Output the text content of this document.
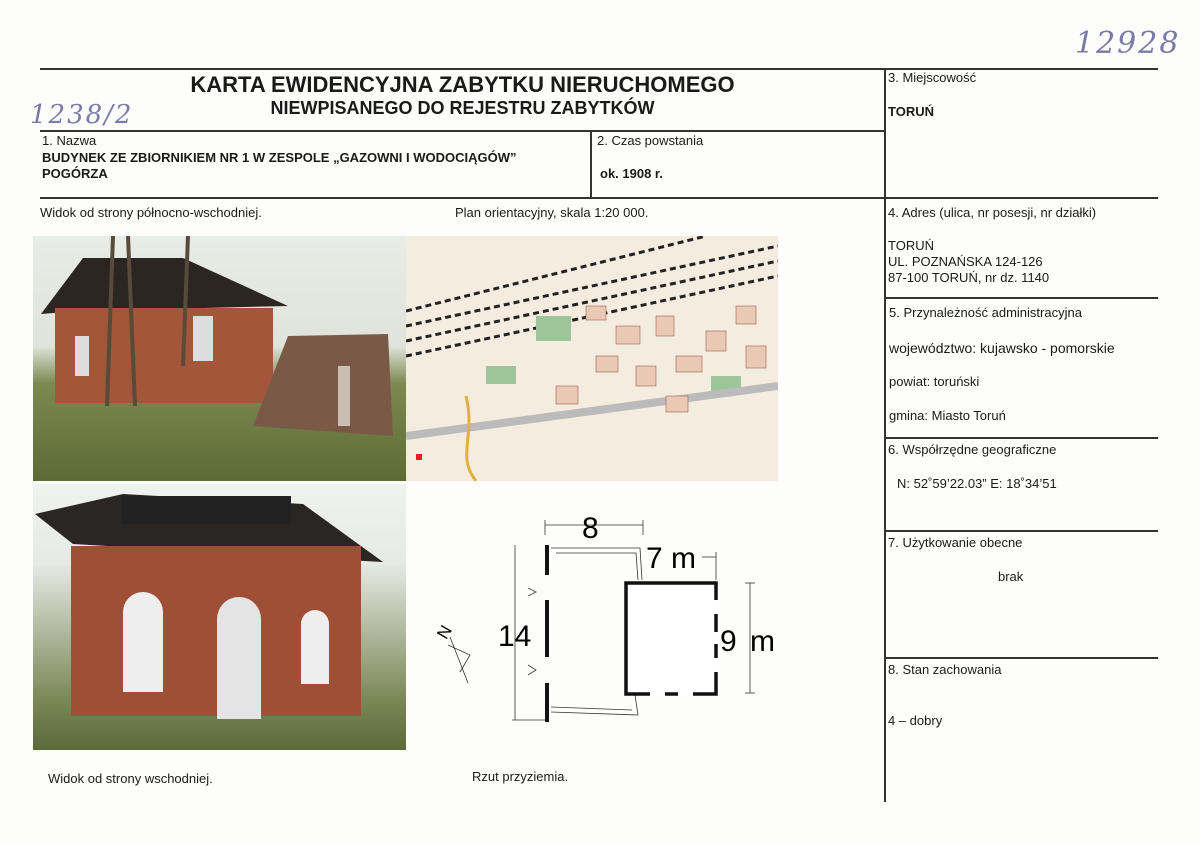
12928
1238/2
KARTA EWIDENCYJNA ZABYTKU NIERUCHOMEGO
NIEWPISANEGO DO REJESTRU ZABYTKÓW
1. Nazwa
BUDYNEK ZE ZBIORNIKIEM NR 1 W ZESPOLE „GAZOWNI I WODOCIĄGÓW”
POGÓRZA
2. Czas powstania
ok. 1908 r.
3. Miejscowość
TORUŃ
4. Adres (ulica, nr posesji, nr działki)
TORUŃ
UL. POZNAŃSKA 124-126
87-100 TORUŃ, nr dz. 1140
5. Przynależność administracyjna
województwo: kujawsko - pomorskie
powiat: toruński
gmina: Miasto Toruń
6. Współrzędne geograficzne
N: 52˚59’22.03” E: 18˚34’51
7. Użytkowanie obecne
brak
8. Stan zachowania
4 – dobry
Widok od strony północno-wschodniej.	Plan orientacyjny, skala 1:20 000.
Widok od strony wschodniej.	Rzut przyziemia.
8
7 m
14	9 m
N
